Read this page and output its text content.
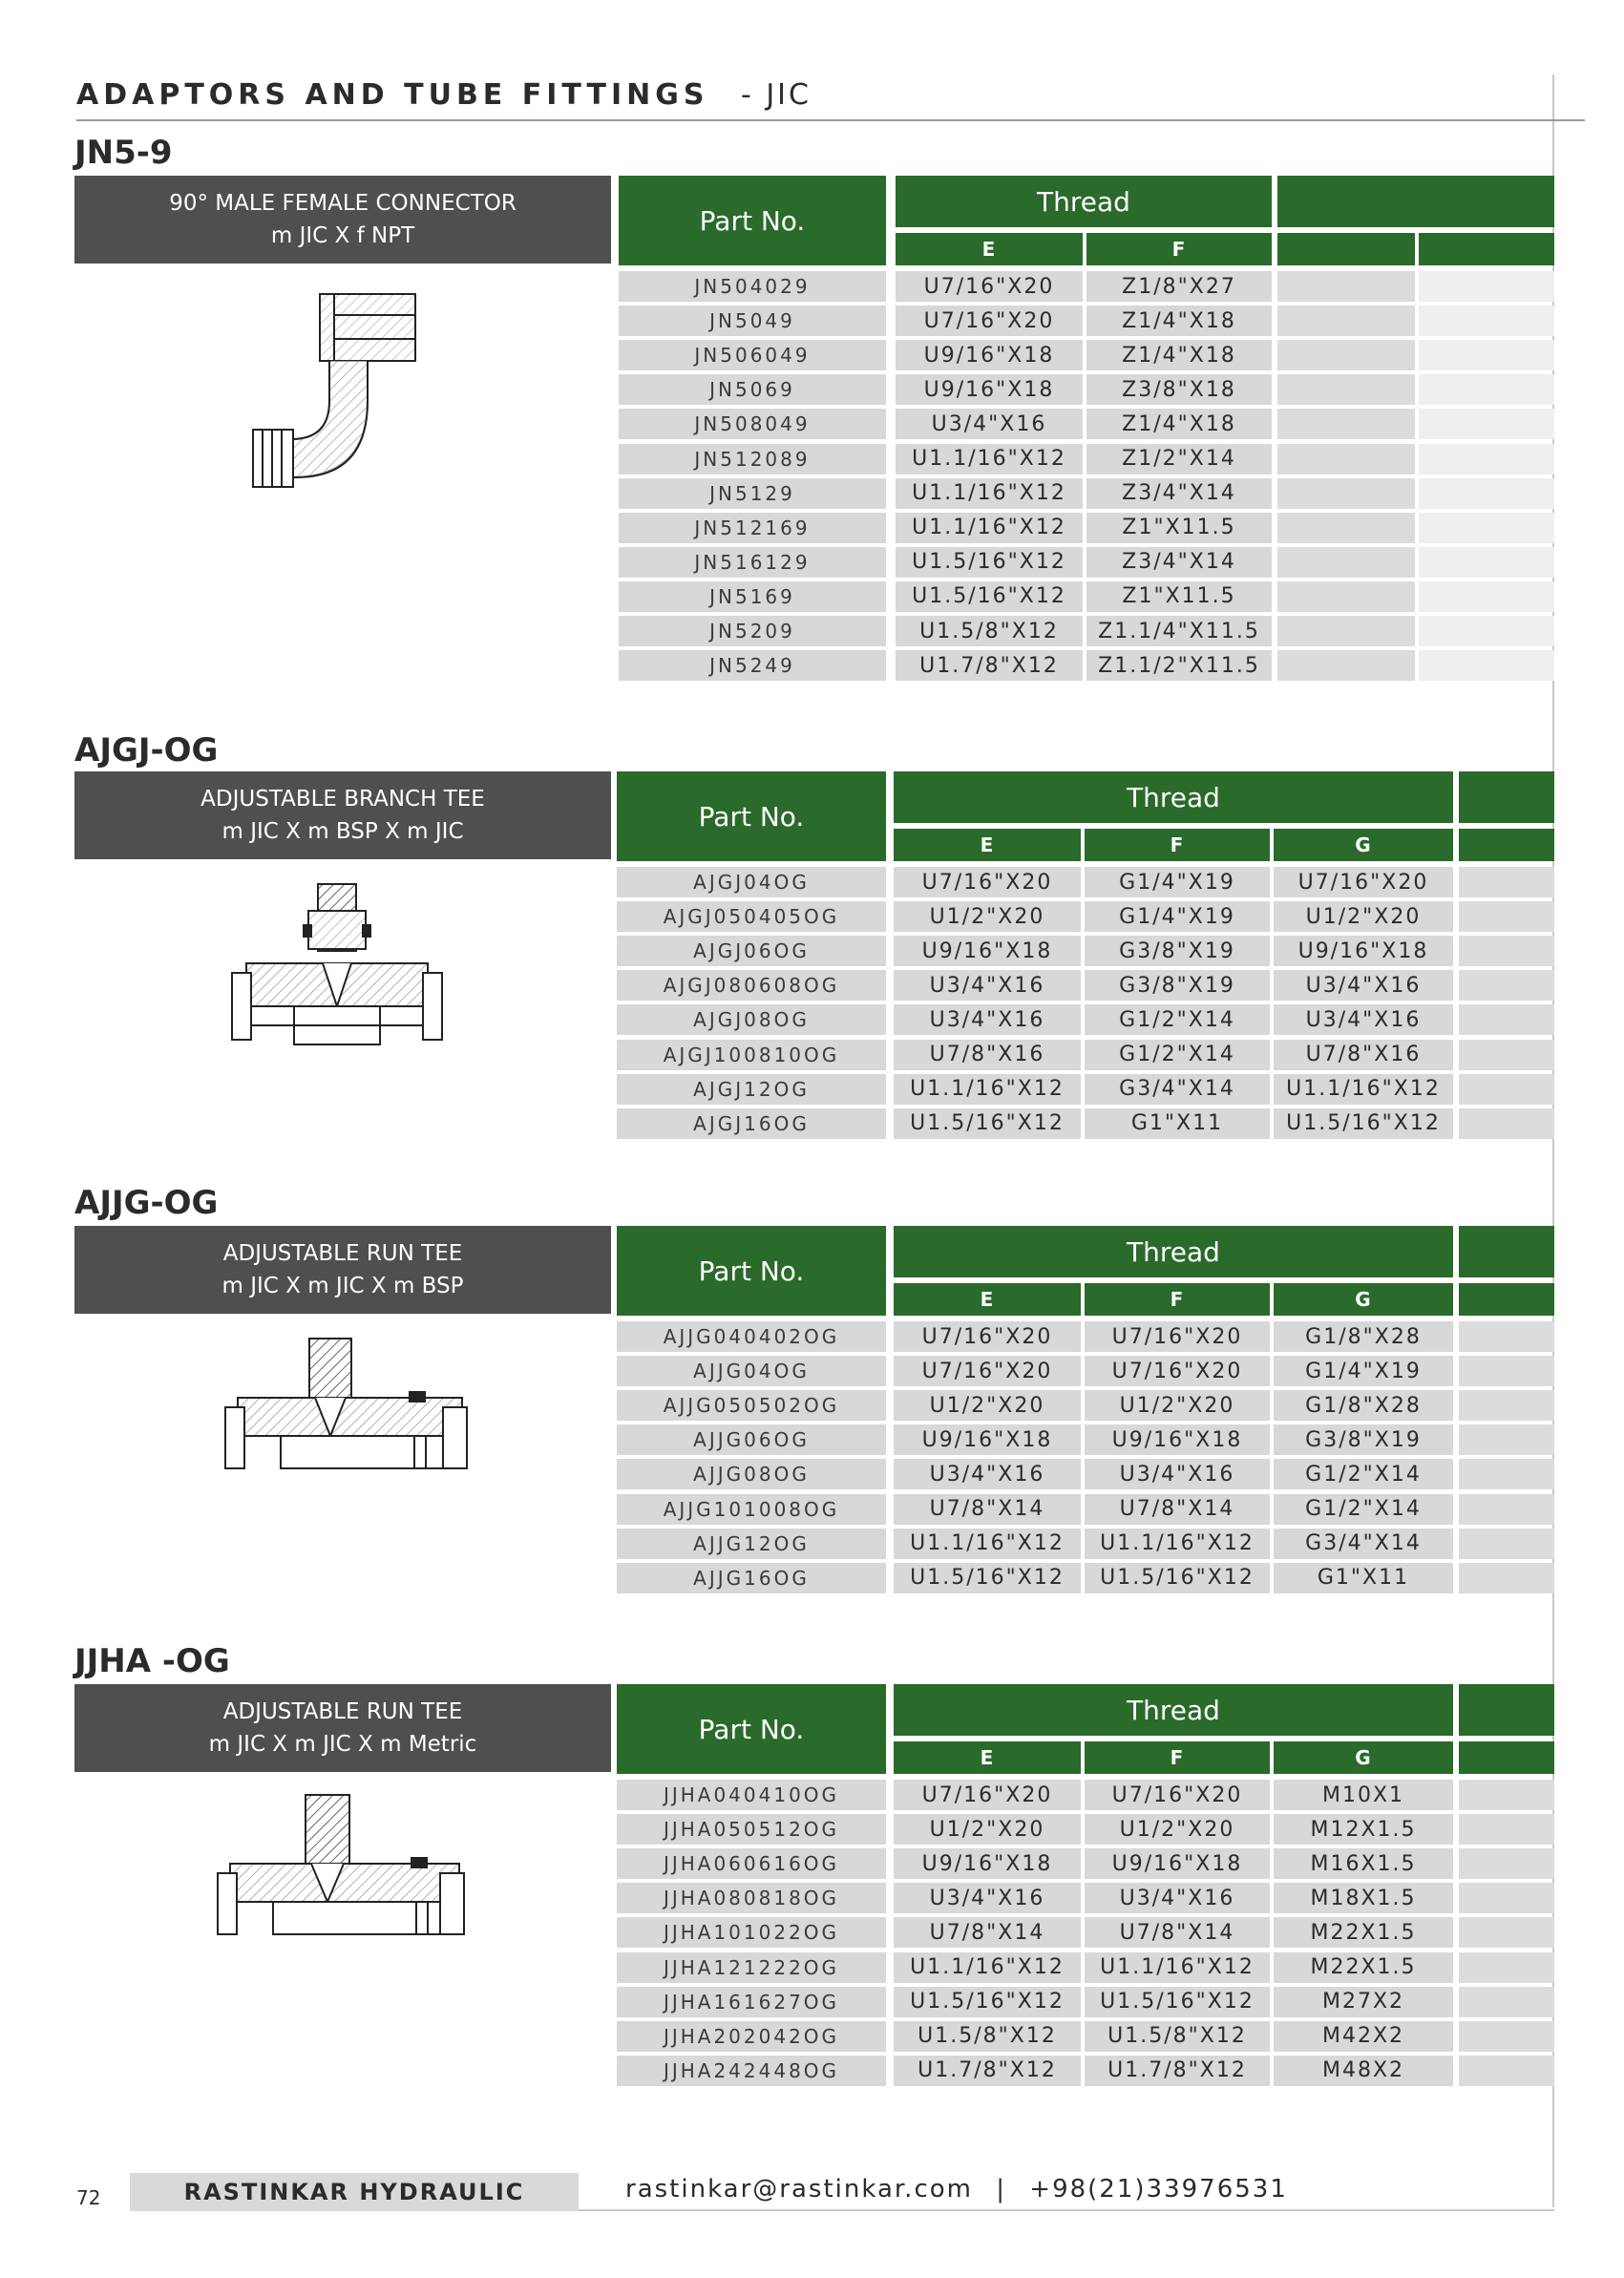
ADAPTORS AND TUBE FITTINGS - JIC
JN5-9
90° MALE FEMALE CONNECTOR
m JIC X f NPT	Part No.
Thread
E	F
JN504029	U7/16"X20	Z1/8"X27
JN5049	U7/16"X20	Z1/4"X18
JN506049	U9/16"X18	Z1/4"X18
JN5069	U9/16"X18	Z3/8"X18
JN508049	U3/4"X16	Z1/4"X18
JN512089	U1.1/16"X12	Z1/2"X14
JN5129	U1.1/16"X12	Z3/4"X14
JN512169	U1.1/16"X12	Z1"X11.5
JN516129	U1.5/16"X12	Z3/4"X14
JN5169	U1.5/16"X12	Z1"X11.5
JN5209	U1.5/8"X12	Z1.1/4"X11.5
JN5249	U1.7/8"X12	Z1.1/2"X11.5
AJGJ-OG
ADJUSTABLE BRANCH TEE
m JIC X m BSP X m JIC	Part No.
Thread
E	F	G
AJGJ04OG	U7/16"X20	G1/4"X19	U7/16"X20
AJGJ050405OG	U1/2"X20	G1/4"X19	U1/2"X20
AJGJ06OG	U9/16"X18	G3/8"X19	U9/16"X18
AJGJ080608OG	U3/4"X16	G3/8"X19	U3/4"X16
AJGJ08OG	U3/4"X16	G1/2"X14	U3/4"X16
AJGJ100810OG	U7/8"X16	G1/2"X14	U7/8"X16
AJGJ12OG	U1.1/16"X12	G3/4"X14	U1.1/16"X12
AJGJ16OG	U1.5/16"X12	G1"X11	U1.5/16"X12
AJJG-OG
ADJUSTABLE RUN TEE
m JIC X m JIC X m BSP	Part No.
Thread
E	F	G
AJJG040402OG	U7/16"X20	U7/16"X20	G1/8"X28
AJJG04OG	U7/16"X20	U7/16"X20	G1/4"X19
AJJG050502OG	U1/2"X20	U1/2"X20	G1/8"X28
AJJG06OG	U9/16"X18	U9/16"X18	G3/8"X19
AJJG08OG	U3/4"X16	U3/4"X16	G1/2"X14
AJJG101008OG	U7/8"X14	U7/8"X14	G1/2"X14
AJJG12OG	U1.1/16"X12	U1.1/16"X12	G3/4"X14
AJJG16OG	U1.5/16"X12	U1.5/16"X12	G1"X11
JJHA -OG
ADJUSTABLE RUN TEE
m JIC X m JIC X m Metric	Part No.
Thread
E	F	G
JJHA040410OG	U7/16"X20	U7/16"X20	M10X1
JJHA050512OG	U1/2"X20	U1/2"X20	M12X1.5
JJHA060616OG	U9/16"X18	U9/16"X18	M16X1.5
JJHA080818OG	U3/4"X16	U3/4"X16	M18X1.5
JJHA101022OG	U7/8"X14	U7/8"X14	M22X1.5
JJHA121222OG	U1.1/16"X12	U1.1/16"X12	M22X1.5
JJHA161627OG	U1.5/16"X12	U1.5/16"X12	M27X2
JJHA202042OG	U1.5/8"X12	U1.5/8"X12	M42X2
JJHA242448OG	U1.7/8"X12	U1.7/8"X12	M48X2
72	RASTINKAR HYDRAULIC	rastinkar@rastinkar.com | +98(21)33976531
